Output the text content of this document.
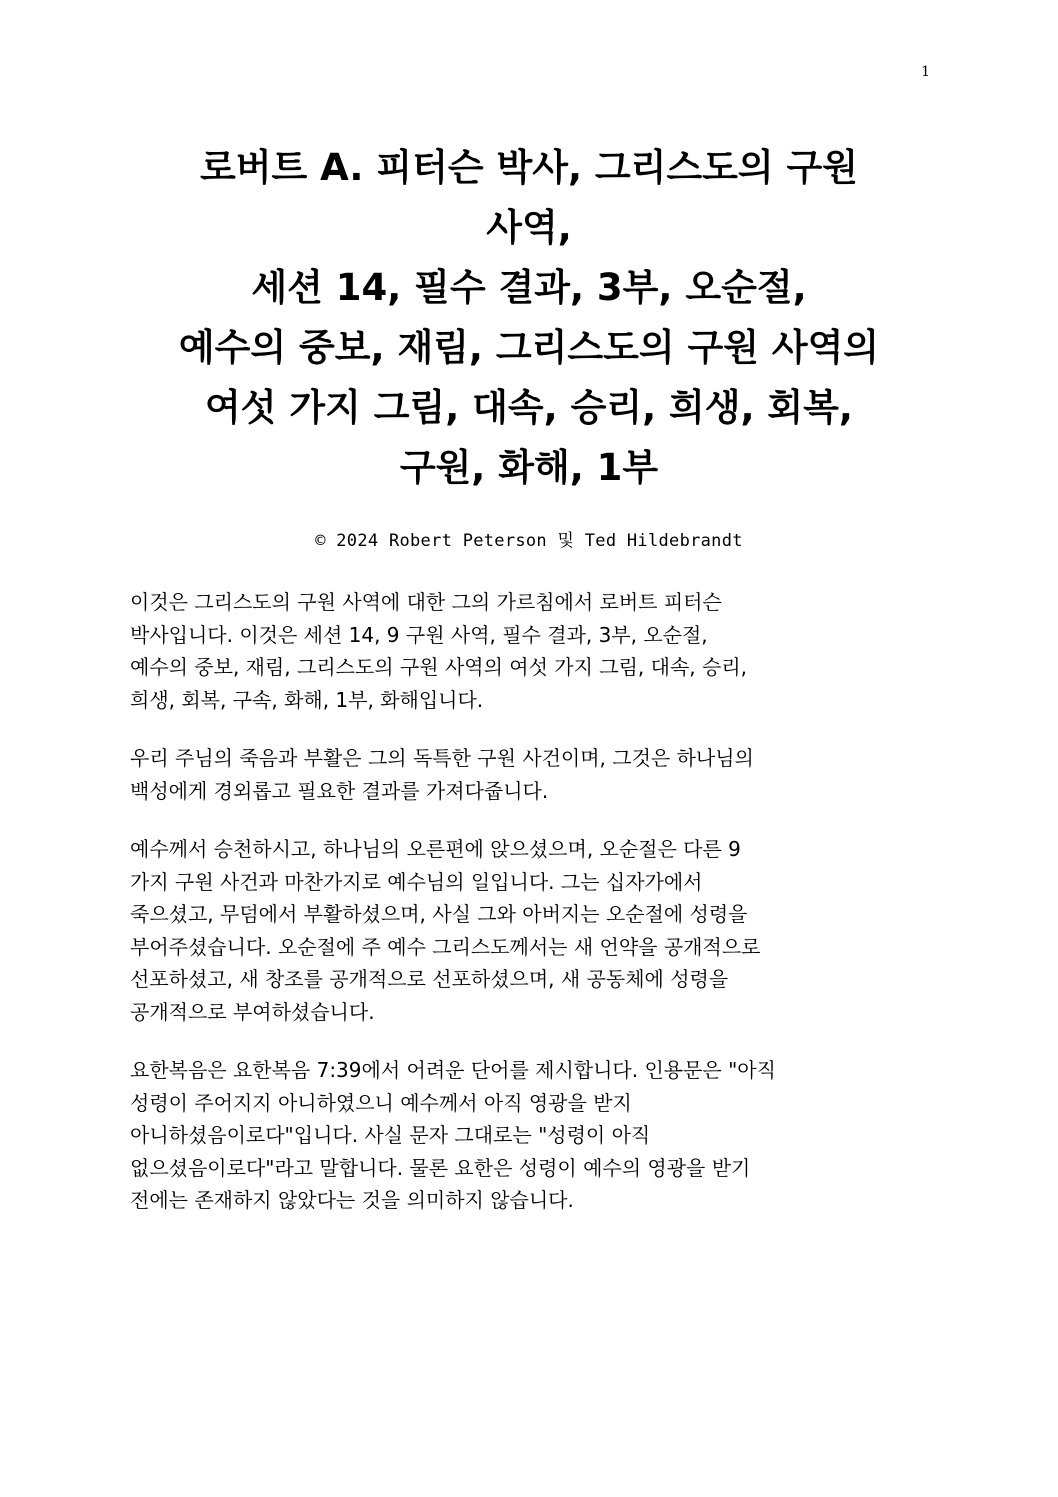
1
로버트 A. 피터슨 박사, 그리스도의 구원
사역,
세션 14, 필수 결과, 3부, 오순절,
예수의 중보, 재림, 그리스도의 구원 사역의
여섯 가지 그림, 대속, 승리, 희생, 회복,
구원, 화해, 1부
© 2024 Robert Peterson 및 Ted Hildebrandt

이것은 그리스도의 구원 사역에 대한 그의 가르침에서 로버트 피터슨
박사입니다. 이것은 세션 14, 9 구원 사역, 필수 결과, 3부, 오순절,
예수의 중보, 재림, 그리스도의 구원 사역의 여섯 가지 그림, 대속, 승리,
희생, 회복, 구속, 화해, 1부, 화해입니다.

우리 주님의 죽음과 부활은 그의 독특한 구원 사건이며, 그것은 하나님의
백성에게 경외롭고 필요한 결과를 가져다줍니다.

예수께서 승천하시고, 하나님의 오른편에 앉으셨으며, 오순절은 다른 9
가지 구원 사건과 마찬가지로 예수님의 일입니다. 그는 십자가에서
죽으셨고, 무덤에서 부활하셨으며, 사실 그와 아버지는 오순절에 성령을
부어주셨습니다. 오순절에 주 예수 그리스도께서는 새 언약을 공개적으로
선포하셨고, 새 창조를 공개적으로 선포하셨으며, 새 공동체에 성령을
공개적으로 부여하셨습니다.

요한복음은 요한복음 7:39에서 어려운 단어를 제시합니다. 인용문은 "아직
성령이 주어지지 아니하였으니 예수께서 아직 영광을 받지
아니하셨음이로다"입니다. 사실 문자 그대로는 "성령이 아직
없으셨음이로다"라고 말합니다. 물론 요한은 성령이 예수의 영광을 받기
전에는 존재하지 않았다는 것을 의미하지 않습니다.
